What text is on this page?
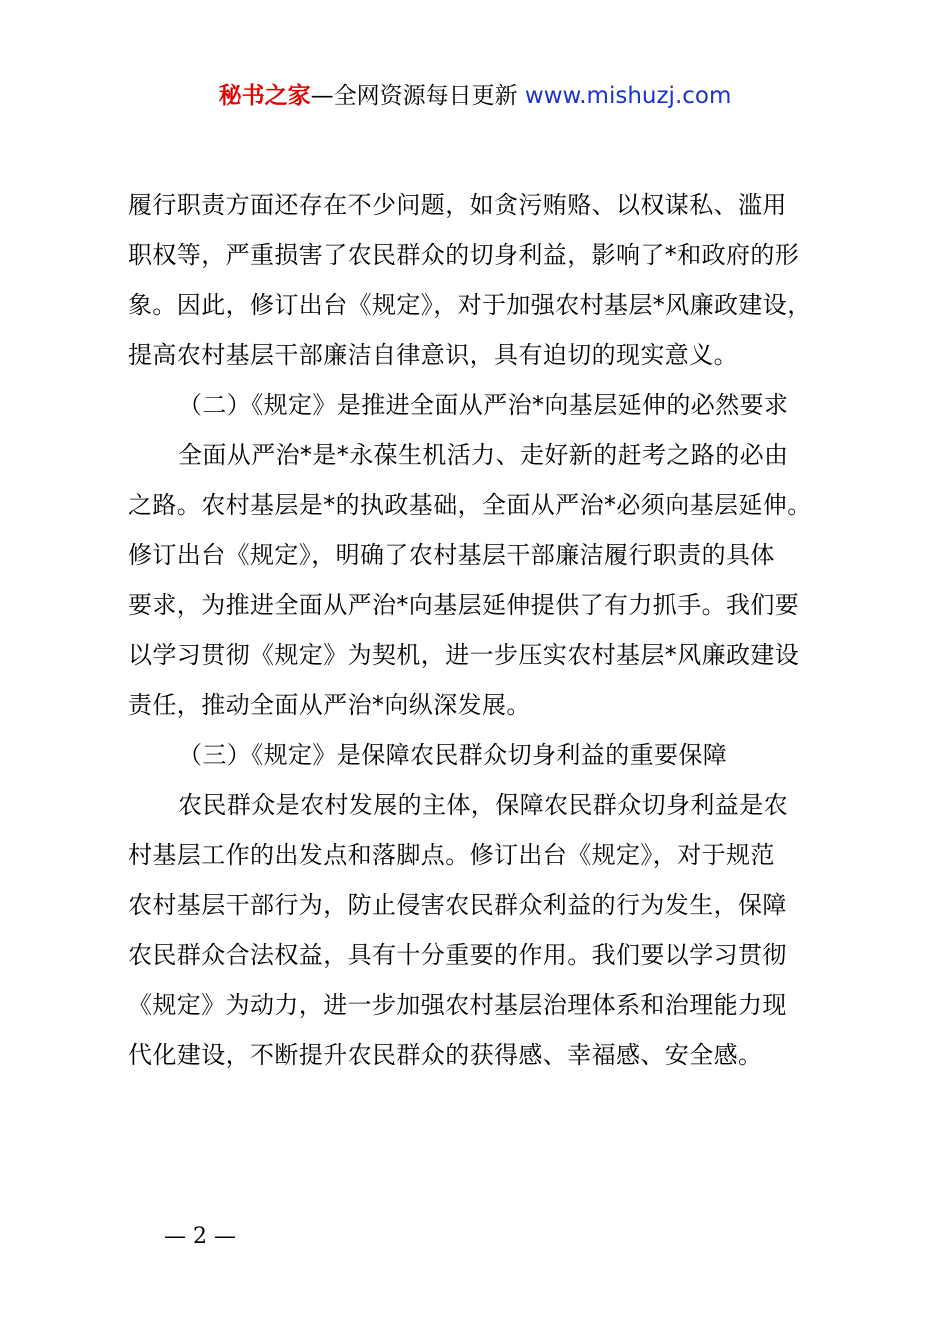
秘书之家—全网资源每日更新 www.mishuzj.com
履行职责方面还存在不少问题，如贪污贿赂、以权谋私、滥用
职权等，严重损害了农民群众的切身利益，影响了*和政府的形
象。因此，修订出台《规定》，对于加强农村基层*风廉政建设，
提高农村基层干部廉洁自律意识，具有迫切的现实意义。
（二）《规定》是推进全面从严治*向基层延伸的必然要求
全面从严治*是*永葆生机活力、走好新的赶考之路的必由
之路。农村基层是*的执政基础，全面从严治*必须向基层延伸。
修订出台《规定》，明确了农村基层干部廉洁履行职责的具体
要求，为推进全面从严治*向基层延伸提供了有力抓手。我们要
以学习贯彻《规定》为契机，进一步压实农村基层*风廉政建设
责任，推动全面从严治*向纵深发展。
（三）《规定》是保障农民群众切身利益的重要保障
农民群众是农村发展的主体，保障农民群众切身利益是农
村基层工作的出发点和落脚点。修订出台《规定》，对于规范
农村基层干部行为，防止侵害农民群众利益的行为发生，保障
农民群众合法权益，具有十分重要的作用。我们要以学习贯彻
《规定》为动力，进一步加强农村基层治理体系和治理能力现
代化建设，不断提升农民群众的获得感、幸福感、安全感。
— 2 —
